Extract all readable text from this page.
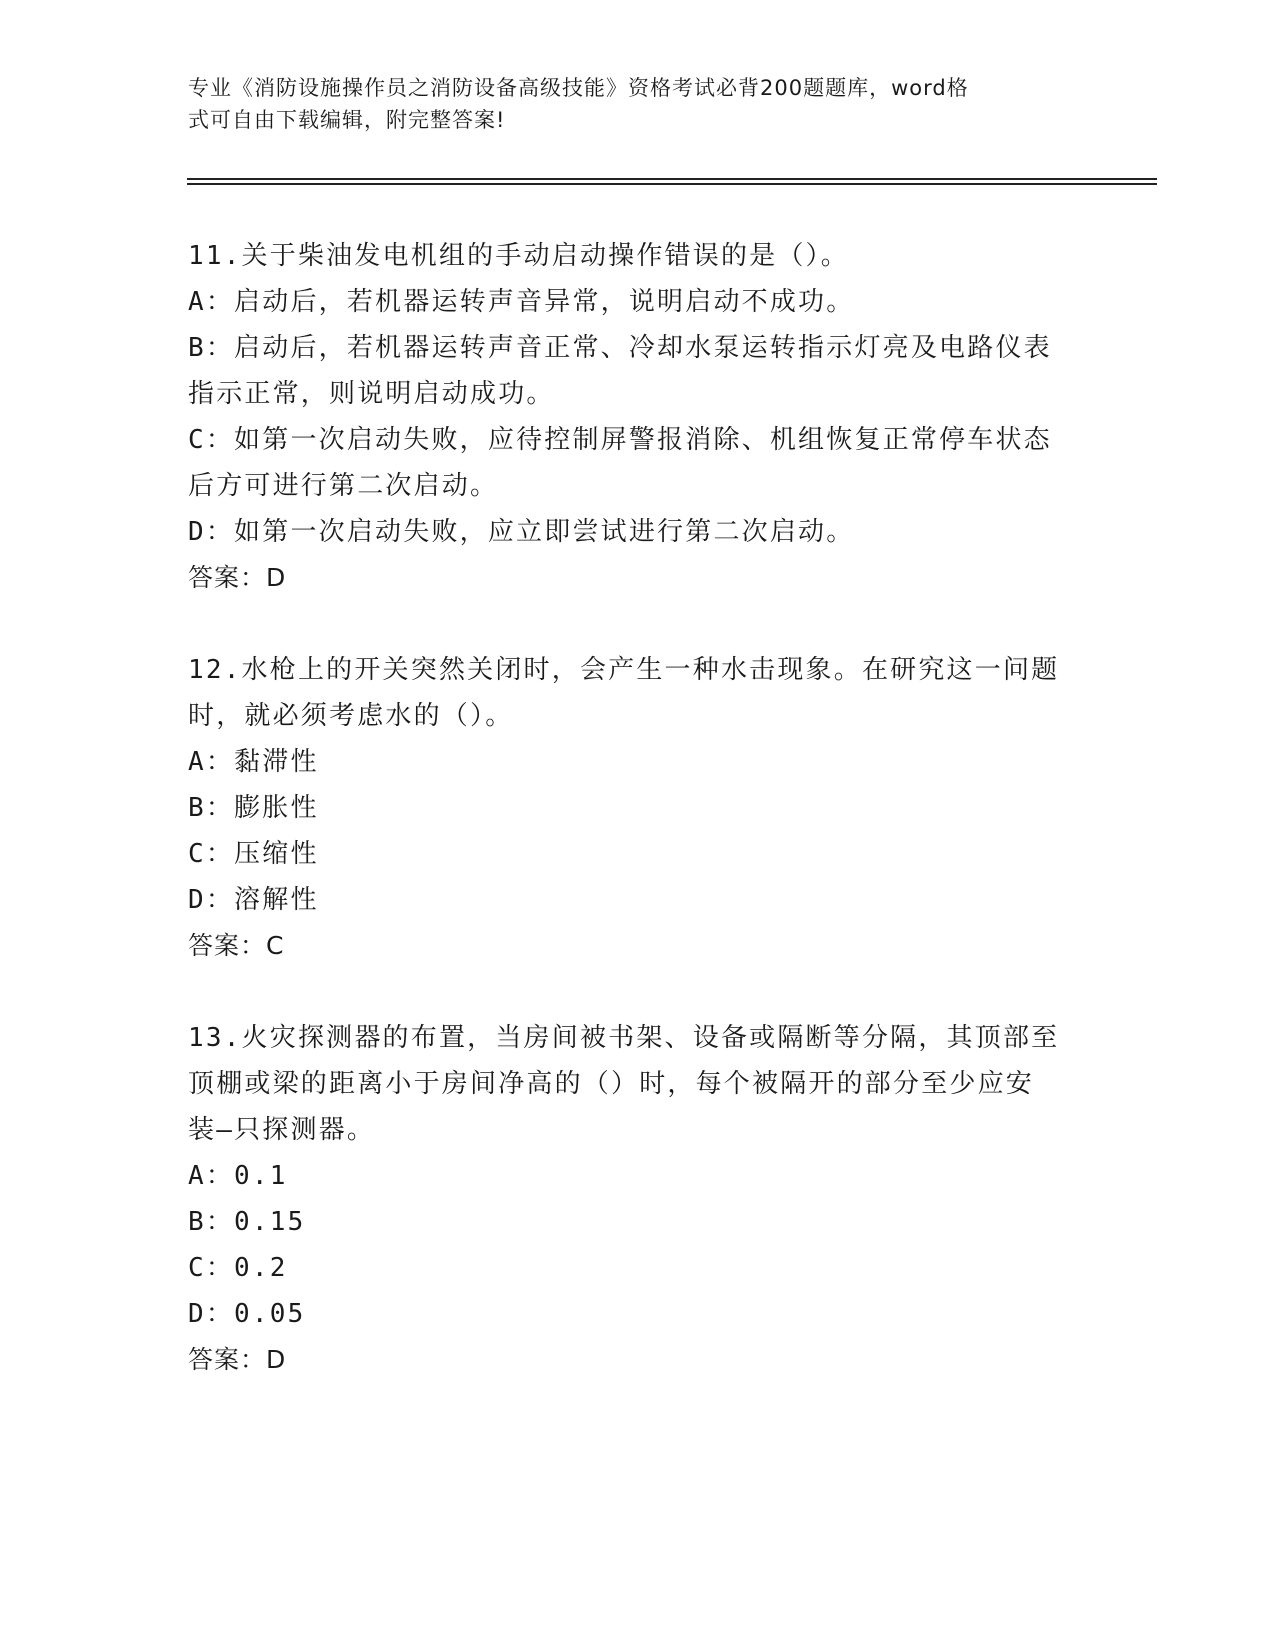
专业《消防设施操作员之消防设备高级技能》资格考试必背200题题库，word格
式可自由下载编辑，附完整答案!
11.关于柴油发电机组的手动启动操作错误的是（）。
A：启动后，若机器运转声音异常，说明启动不成功。
B：启动后，若机器运转声音正常、冷却水泵运转指示灯亮及电路仪表
指示正常，则说明启动成功。
C：如第一次启动失败，应待控制屏警报消除、机组恢复正常停车状态
后方可进行第二次启动。
D：如第一次启动失败，应立即尝试进行第二次启动。
答案：D
12.水枪上的开关突然关闭时，会产生一种水击现象。在研究这一问题
时，就必须考虑水的（）。
A：黏滞性
B：膨胀性
C：压缩性
D：溶解性
答案：C
13.火灾探测器的布置，当房间被书架、设备或隔断等分隔，其顶部至
顶棚或梁的距离小于房间净高的（）时，每个被隔开的部分至少应安
装—只探测器。
A：0.1
B：0.15
C：0.2
D：0.05
答案：D
